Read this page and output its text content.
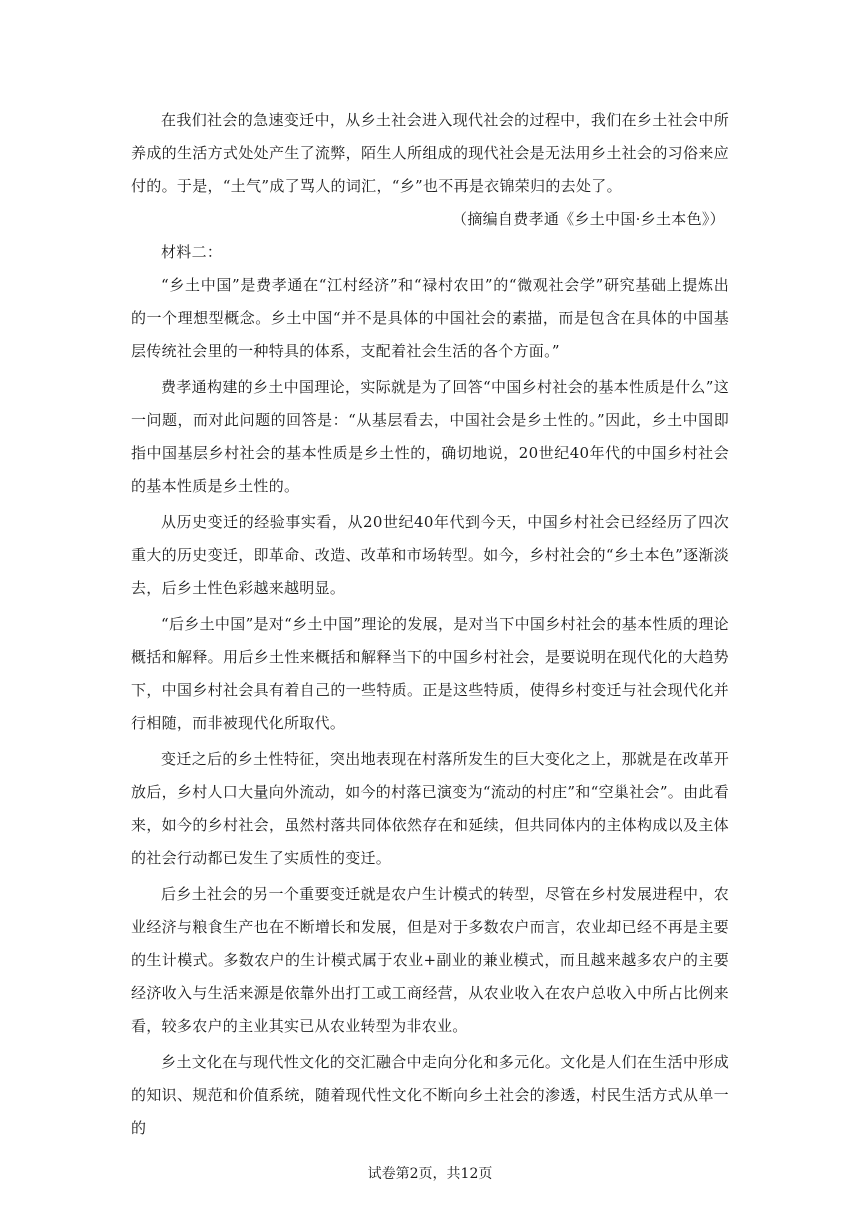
在我们社会的急速变迁中，从乡土社会进入现代社会的过程中，我们在乡土社会中所养成的生活方式处处产生了流弊，陌生人所组成的现代社会是无法用乡土社会的习俗来应付的。于是，“土气”成了骂人的词汇，“乡”也不再是衣锦荣归的去处了。

（摘编自费孝通《乡土中国·乡土本色》）

材料二：

“乡土中国”是费孝通在“江村经济”和“禄村农田”的“微观社会学”研究基础上提炼出的一个理想型概念。乡土中国“并不是具体的中国社会的素描，而是包含在具体的中国基层传统社会里的一种特具的体系，支配着社会生活的各个方面。”

费孝通构建的乡土中国理论，实际就是为了回答“中国乡村社会的基本性质是什么”这一问题，而对此问题的回答是：“从基层看去，中国社会是乡土性的。”因此，乡土中国即指中国基层乡村社会的基本性质是乡土性的，确切地说，20世纪40年代的中国乡村社会的基本性质是乡土性的。

从历史变迁的经验事实看，从20世纪40年代到今天，中国乡村社会已经经历了四次重大的历史变迁，即革命、改造、改革和市场转型。如今，乡村社会的“乡土本色”逐渐淡去，后乡土性色彩越来越明显。

“后乡土中国”是对“乡土中国”理论的发展，是对当下中国乡村社会的基本性质的理论概括和解释。用后乡土性来概括和解释当下的中国乡村社会，是要说明在现代化的大趋势下，中国乡村社会具有着自己的一些特质。正是这些特质，使得乡村变迁与社会现代化并行相随，而非被现代化所取代。

变迁之后的乡土性特征，突出地表现在村落所发生的巨大变化之上，那就是在改革开放后，乡村人口大量向外流动，如今的村落已演变为“流动的村庄”和“空巢社会”。由此看来，如今的乡村社会，虽然村落共同体依然存在和延续，但共同体内的主体构成以及主体的社会行动都已发生了实质性的变迁。

后乡土社会的另一个重要变迁就是农户生计模式的转型，尽管在乡村发展进程中，农业经济与粮食生产也在不断增长和发展，但是对于多数农户而言，农业却已经不再是主要的生计模式。多数农户的生计模式属于农业+副业的兼业模式，而且越来越多农户的主要经济收入与生活来源是依靠外出打工或工商经营，从农业收入在农户总收入中所占比例来看，较多农户的主业其实已从农业转型为非农业。

乡土文化在与现代性文化的交汇融合中走向分化和多元化。文化是人们在生活中形成的知识、规范和价值系统，随着现代性文化不断向乡土社会的渗透，村民生活方式从单一的

试卷第2页，共12页
